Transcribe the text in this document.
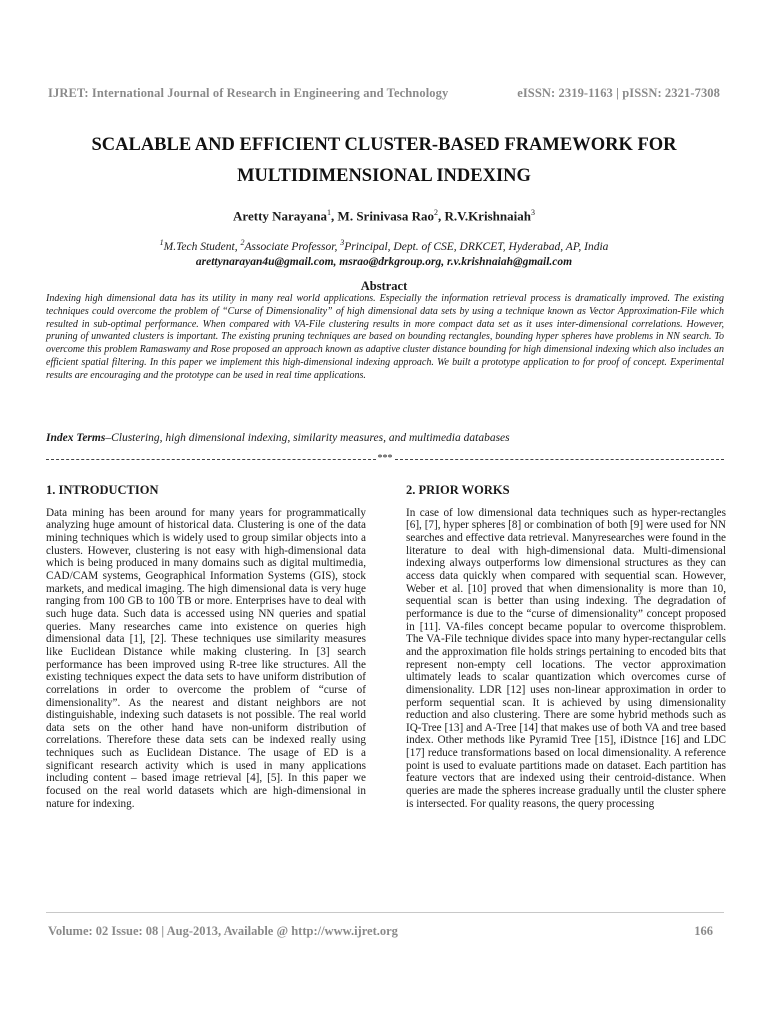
IJRET: International Journal of Research in Engineering and Technology	eISSN: 2319-1163 | pISSN: 2321-7308
SCALABLE AND EFFICIENT CLUSTER-BASED FRAMEWORK FOR
MULTIDIMENSIONAL INDEXING
Aretty Narayana$^1$, M. Srinivasa Rao$^2$, R.V.Krishnaiah$^3$
$^1$M.Tech Student, $^2$Associate Professor, $^3$Principal, Dept. of CSE, DRKCET, Hyderabad, AP, India
arettynarayan4u@gmail.com, msrao@drkgroup.org, r.v.krishnaiah@gmail.com
Abstract
Indexing high dimensional data has its utility in many real world applications. Especially the information retrieval process is dramatically improved. The existing techniques could overcome the problem of “Curse of Dimensionality” of high dimensional data sets by using a technique known as Vector Approximation-File which resulted in sub-optimal performance. When compared with VA-File clustering results in more compact data set as it uses inter-dimensional correlations. However, pruning of unwanted clusters is important. The existing pruning techniques are based on bounding rectangles, bounding hyper spheres have problems in NN search. To overcome this problem Ramaswamy and Rose proposed an approach known as adaptive cluster distance bounding for high dimensional indexing which also includes an efficient spatial filtering. In this paper we implement this high-dimensional indexing approach. We built a prototype application to for proof of concept. Experimental results are encouraging and the prototype can be used in real time applications.
Index Terms–Clustering, high dimensional indexing, similarity measures, and multimedia databases
***
1. INTRODUCTION

Data mining has been around for many years for programmatically analyzing huge amount of historical data. Clustering is one of the data mining techniques which is widely used to group similar objects into a clusters. However, clustering is not easy with high-dimensional data which is being produced in many domains such as digital multimedia, CAD/CAM systems, Geographical Information Systems (GIS), stock markets, and medical imaging. The high dimensional data is very huge ranging from 100 GB to 100 TB or more. Enterprises have to deal with such huge data. Such data is accessed using NN queries and spatial queries. Many researches came into existence on queries high dimensional data [1], [2]. These techniques use similarity measures like Euclidean Distance while making clustering. In [3] search performance has been improved using R-tree like structures. All the existing techniques expect the data sets to have uniform distribution of correlations in order to overcome the problem of “curse of dimensionality”. As the nearest and distant neighbors are not distinguishable, indexing such datasets is not possible. The real world data sets on the other hand have non-uniform distribution of correlations. Therefore these data sets can be indexed really using techniques such as Euclidean Distance. The usage of ED is a significant research activity which is used in many applications including content – based image retrieval [4], [5]. In this paper we focused on the real world datasets which are high-dimensional in nature for indexing.

2. PRIOR WORKS

In case of low dimensional data techniques such as hyper-rectangles [6], [7], hyper spheres [8] or combination of both [9] were used for NN searches and effective data retrieval. Manyresearches were found in the literature to deal with high-dimensional data. Multi-dimensional indexing always outperforms low dimensional structures as they can access data quickly when compared with sequential scan. However, Weber et al. [10] proved that when dimensionality is more than 10, sequential scan is better than using indexing. The degradation of performance is due to the “curse of dimensionality” concept proposed in [11]. VA-files concept became popular to overcome thisproblem. The VA-File technique divides space into many hyper-rectangular cells and the approximation file holds strings pertaining to encoded bits that represent non-empty cell locations. The vector approximation ultimately leads to scalar quantization which overcomes curse of dimensionality. LDR [12] uses non-linear approximation in order to perform sequential scan. It is achieved by using dimensionality reduction and also clustering. There are some hybrid methods such as IQ-Tree [13] and A-Tree [14] that makes use of both VA and tree based index. Other methods like Pyramid Tree [15], iDistnce [16] and LDC [17] reduce transformations based on local dimensionality. A reference point is used to evaluate partitions made on dataset. Each partition has feature vectors that are indexed using their centroid-distance. When queries are made the spheres increase gradually until the cluster sphere is intersected. For quality reasons, the query processing

Volume: 02 Issue: 08 | Aug-2013, Available @ http://www.ijret.org	166
